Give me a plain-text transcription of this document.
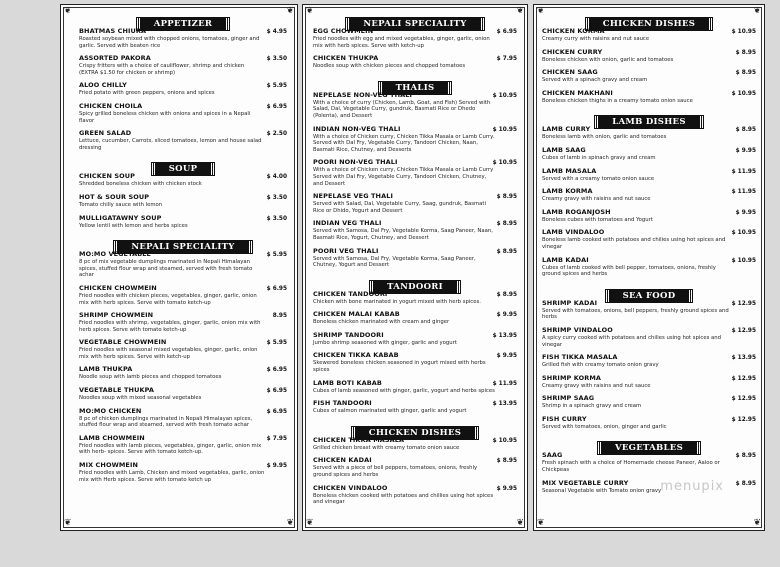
❦	❦
❦	❦
APPETIZER
BHATMAS CHIURA	$ 4.95
Roasted soybean mixed with chopped onions, tomatoes, ginger and garlic. Served with beaten rice
ASSORTED PAKORA	$ 3.50
Crispy fritters with a choice of cauliflower, shrimp and chicken (EXTRA $1.50 for chicken or shrimp)
ALOO CHILLY	$ 5.95
Fried potato with green peppers, onions and spices
CHICKEN CHOILA	$ 6.95
Spicy grilled boneless chicken with onions and spices in a Nepali flavor
GREEN SALAD	$ 2.50
Lettuce, cucumber, Carrots, sliced tomatoes, lemon and house salad dressing
SOUP
CHICKEN SOUP	$ 4.00
Shredded boneless chicken with chicken stock
HOT & SOUR SOUP	$ 3.50
Tomato chilly sauce with lemon
MULLIGATAWNY SOUP	$ 3.50
Yellow lentil with lemon and herbs spices
NEPALI SPECIALITY
MO:MO VEGETABLE	$ 5.95
8 pc of mix vegetable dumplings marinated in Nepali Himalayan spices, stuffed flour wrap and steamed, served with fresh tomato achar
CHICKEN CHOWMEIN	$ 6.95
Fried noodles with chicken pieces, vegetables, ginger, garlic, onion mix with herb spices. Serve with tomato ketch-up
SHRIMP CHOWMEIN	8.95
Fried noodles with shrimp, vegetables, ginger, garlic, onion mix with herb spices. Serve with tomato ketch-up
VEGETABLE CHOWMEIN	$ 5.95
Fried noodles with seasonal mixed vegetables, ginger, garlic, onion mix with herb spices. Serve with ketch-up
LAMB THUKPA	$ 6.95
Noodle soup with lamb pieces and chopped tomatoes
VEGETABLE THUKPA	$ 6.95
Noodles soup with mixed seasonal vegetables
MO:MO CHICKEN	$ 6.95
8 pc of chicken dumplings marinated in Nepali Himalayan spices, stuffed flour wrap and steamed, served with fresh tomato achar
LAMB CHOWMEIN	$ 7.95
Fried noodles with lamb pieces, vegetables, ginger, garlic, onion mix with herb- spices. Serve with tomato ketch-up.
MIX CHOWMEIN	$ 9.95
Fried noodles with Lamb, Chicken and mixed vegetables, garlic, onion mix with Herb spices. Serve with tomato ketch up
❦	❦
❦	❦
NEPALI SPECIALITY
EGG CHOWMEIN	$ 6.95
Fried noodles with egg and mixed vegetables, ginger, garlic, onion mix with herb spices. Serve with ketch-up
CHICKEN THUKPA	$ 7.95
Noodles soup with chicken pieces and chopped tomatoes
THALIS
NEPELASE NON-VEG THALI	$ 10.95
With a choice of curry (Chicken, Lamb, Goat, and Fish) Served with Salad, Dal, Vegetable Curry, gundruk, Basmati Rice or Dhedo (Polenta), and Dessert
INDIAN NON-VEG THALI	$ 10.95
With a choice of Chicken curry, Chicken Tikka Masala or Lamb Curry. Served with Dal Fry, Vegetable Curry, Tandoori Chicken, Naan, Basmati Rice, Chutney, and Desserts
POORI NON-VEG THALI	$ 10.95
With a choice of Chicken curry, Chicken Tikka Masala or Lamb Curry Served with Dal Fry, Vegetable Curry, Tandoori Chicken, Chutney, and Dessert
NEPELASE VEG THALI	$ 8.95
Served with Salad, Dal, Vegetable Curry, Saag, gundruk, Basmati Rice or Dhido, Yogurt and Dessert
INDIAN VEG THALI	$ 8.95
Served with Samosa, Dal Fry, Vegetable Korma, Saag Paneer, Naan, Basmati Rice, Yogurt, Chutney, and Dessert
POORI VEG THALI	$ 8.95
Served with Samosa, Dal Fry, Vegetable Korma, Saag Paneer, Chutney, Yogurt and Dessert
TANDOORI
CHICKEN TANDOORI	$ 8.95
Chicken with bone marinated in yogurt mixed with herb spices.
CHICKEN MALAI KABAB	$ 9.95
Boneless chicken marinated with cream and ginger
SHRIMP TANDOORI	$ 13.95
Jumbo shrimp seasoned with ginger, garlic and yogurt
CHICKEN TIKKA KABAB	$ 9.95
Skewered boneless chicken seasoned in yogurt mixed with herbs spices
LAMB BOTI KABAB	$ 11.95
Cubes of lamb seasoned with ginger, garlic, yogurt and herbs spices
FISH TANDOORI	$ 13.95
Cubes of salmon marinated with ginger, garlic and yogurt
CHICKEN DISHES
CHICKEN TIKKA MASALA	$ 10.95
Grilled chicken breast with creamy tomato onion sauce
CHICKEN KADAI	$ 8.95
Served with a piece of bell peppers, tomatoes, onions, freshly ground spices and herbs
CHICKEN VINDALOO	$ 9.95
Boneless chicken cooked with potatoes and chillies using hot spices and vinegar
❦	❦
❦	❦
CHICKEN DISHES
CHICKEN KORMA	$ 10.95
Creamy curry with raisins and nut sauce
CHICKEN CURRY	$ 8.95
Boneless chicken with onion, garlic and tomatoes
CHICKEN SAAG	$ 8.95
Served with a spinach gravy and cream
CHICKEN MAKHANI	$ 10.95
Boneless chicken thighs in a creamy tomato onion sauce
LAMB DISHES
LAMB CURRY	$ 8.95
Boneless lamb with onion, garlic and tomatoes
LAMB SAAG	$ 9.95
Cubes of lamb in spinach gravy and cream
LAMB MASALA	$ 11.95
Served with a creamy tomato onion sauce
LAMB KORMA	$ 11.95
Creamy gravy with raisins and nut sauce
LAMB ROGANJOSH	$ 9.95
Boneless cubes with tomatoes and Yogurt
LAMB VINDALOO	$ 10.95
Boneless lamb cooked with potatoes and chilies using hot spices and vinegar
LAMB KADAI	$ 10.95
Cubes of lamb cooked with bell pepper, tomatoes, onions, freshly ground spices and herbs
SEA FOOD
SHRIMP KADAI	$ 12.95
Served with tomatoes, onions, bell peppers, freshly ground spices and herbs
SHRIMP VINDALOO	$ 12.95
A spicy curry cooked with potatoes and chilies using hot spices and vinegar
FISH TIKKA MASALA	$ 13.95
Grilled fish with creamy tomato onion gravy
SHRIMP KORMA	$ 12.95
Creamy gravy with raisins and nut sauce
SHRIMP SAAG	$ 12.95
Shrimp in a spinach gravy and cream
FISH CURRY	$ 12.95
Served with tomatoes, onion, ginger and garlic
VEGETABLES
SAAG	$ 8.95
Fresh spinach with a choice of Homemade cheese Paneer, Aaloo or Chickpeas
MIX VEGETABLE CURRY	$ 8.95
Seasonal Vegetable with Tomato onion gravy menupix
